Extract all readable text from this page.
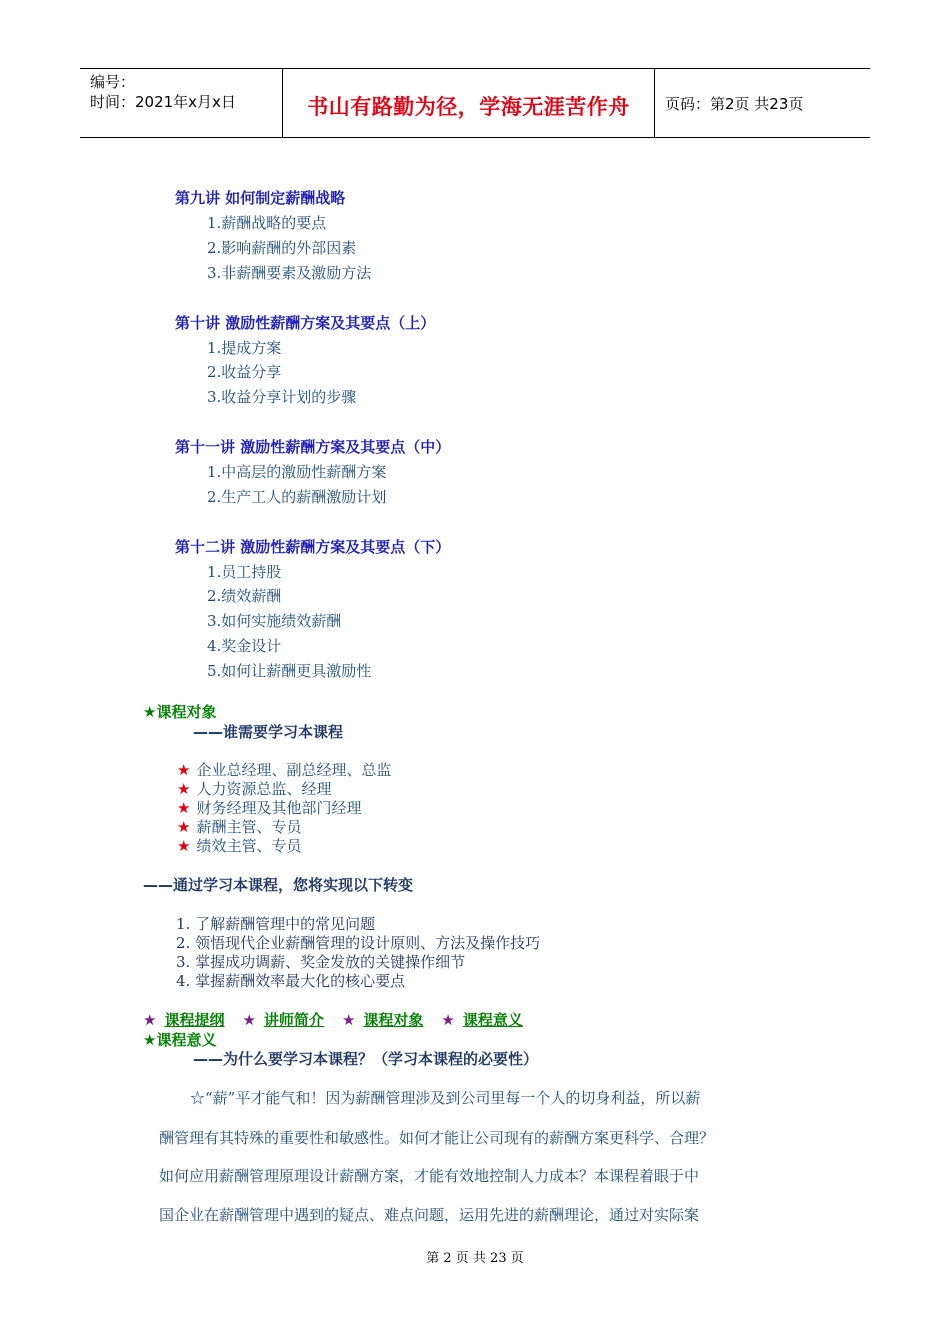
编号：
时间：2021年x月x日	书山有路勤为径，学海无涯苦作舟	页码：第2页 共23页
第九讲 如何制定薪酬战略
1.薪酬战略的要点
2.影响薪酬的外部因素
3.非薪酬要素及激励方法
第十讲 激励性薪酬方案及其要点（上）
1.提成方案
2.收益分享
3.收益分享计划的步骤
第十一讲 激励性薪酬方案及其要点（中）
1.中高层的激励性薪酬方案
2.生产工人的薪酬激励计划
第十二讲 激励性薪酬方案及其要点（下）
1.员工持股
2.绩效薪酬
3.如何实施绩效薪酬
4.奖金设计
5.如何让薪酬更具激励性
★课程对象
——谁需要学习本课程
★ 企业总经理、副总经理、总监
★ 人力资源总监、经理
★ 财务经理及其他部门经理
★ 薪酬主管、专员
★ 绩效主管、专员
——通过学习本课程，您将实现以下转变
1. 了解薪酬管理中的常见问题
2. 领悟现代企业薪酬管理的设计原则、方法及操作技巧
3. 掌握成功调薪、奖金发放的关键操作细节
4. 掌握薪酬效率最大化的核心要点
★ 课程提纲 ★ 讲师简介 ★ 课程对象 ★ 课程意义
★课程意义
——为什么要学习本课程？（学习本课程的必要性）
☆“薪”平才能气和！因为薪酬管理涉及到公司里每一个人的切身利益，所以薪
酬管理有其特殊的重要性和敏感性。如何才能让公司现有的薪酬方案更科学、合理？
如何应用薪酬管理原理设计薪酬方案，才能有效地控制人力成本？本课程着眼于中
国企业在薪酬管理中遇到的疑点、难点问题，运用先进的薪酬理论，通过对实际案
第 2 页 共 23 页
